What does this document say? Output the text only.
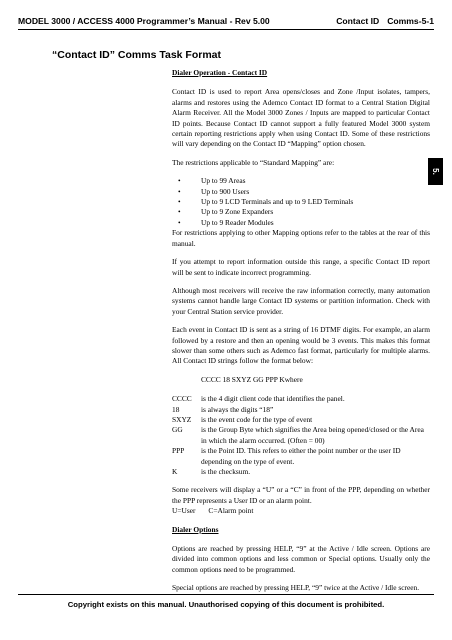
MODEL 3000 / ACCESS 4000 Programmer’s Manual - Rev 5.00	Contact ID Comms-5-1
“Contact ID” Comms Task Format
5.
Dialer Operation - Contact ID

Contact ID is used to report Area opens/closes and Zone /Input isolates, tampers, alarms and restores using the Ademco Contact ID format to a Central Station Digital Alarm Receiver. All the Model 3000 Zones / Inputs are mapped to particular Contact ID points. Because Contact ID cannot support a fully featured Model 3000 system certain reporting restrictions apply when using Contact ID. Some of these restrictions will vary depending on the Contact ID “Mapping” option chosen.

The restrictions applicable to “Standard Mapping” are:

• Up to 99 Areas
• Up to 900 Users
• Up to 9 LCD Terminals and up to 9 LED Terminals
• Up to 9 Zone Expanders
• Up to 9 Reader Modules

For restrictions applying to other Mapping options refer to the tables at the rear of this manual.

If you attempt to report information outside this range, a specific Contact ID report will be sent to indicate incorrect programming.

Although most receivers will receive the raw information correctly, many automation systems cannot handle large Contact ID systems or partition information. Check with your Central Station service provider.

Each event in Contact ID is sent as a string of 16 DTMF digits. For example, an alarm followed by a restore and then an opening would be 3 events. This makes this format slower than some others such as Ademco fast format, particularly for multiple alarms. All Contact ID strings follow the format below:

CCCC 18 SXYZ GG PPP Kwhere
CCCC	is the 4 digit client code that identifies the panel.
18	is always the digits “18”
SXYZ	is the event code for the type of event
GG	is the Group Byte which signifies the Area being opened/closed or the Area in which the alarm occurred. (Often = 00)
PPP	is the Point ID. This refers to either the point number or the user ID depending on the type of event.
K	is the checksum.

Some receivers will display a “U” or a “C” in front of the PPP, depending on whether the PPP represents a User ID or an alarm point.

U=User       C=Alarm point

Dialer Options

Options are reached by pressing HELP, “9” at the Active / Idle screen. Options are divided into common options and less common or Special options. Usually only the common options need to be programmed.

Special options are reached by pressing HELP, “9” twice at the Active / Idle screen.

Copyright exists on this manual. Unauthorised copying of this document is prohibited.
